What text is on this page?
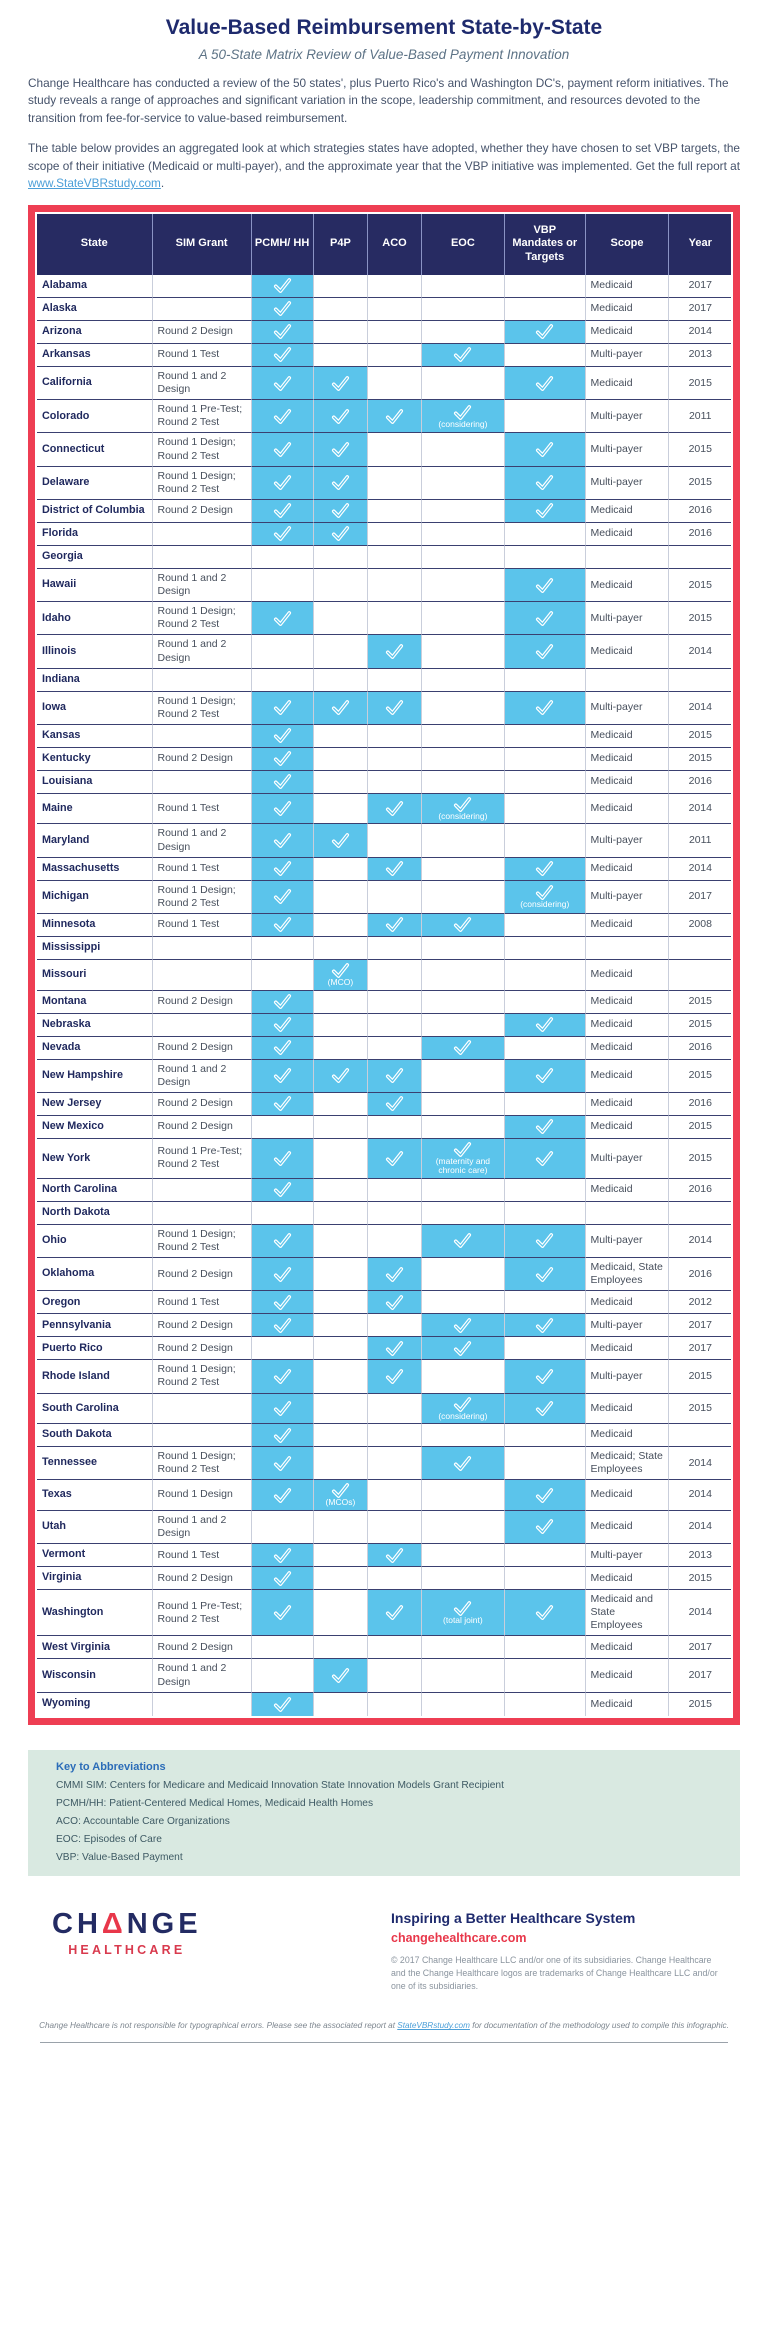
Value-Based Reimbursement State-by-State
A 50-State Matrix Review of Value-Based Payment Innovation

Change Healthcare has conducted a review of the 50 states', plus Puerto Rico's and Washington DC's, payment reform initiatives. The study reveals a range of approaches and significant variation in the scope, leadership commitment, and resources devoted to the transition from fee-for-service to value-based reimbursement.

The table below provides an aggregated look at which strategies states have adopted, whether they have chosen to set VBP targets, the scope of their initiative (Medicaid or multi-payer), and the approximate year that the VBP initiative was implemented. Get the full report at www.StateVBRstudy.com.

State	SIM Grant	PCMH/ HH	P4P	ACO	EOC	VBP Mandates or Targets	Scope	Year
Alabama							Medicaid	2017
Alaska							Medicaid	2017
Arizona	Round 2 Design						Medicaid	2014
Arkansas	Round 1 Test						Multi-payer	2013
California	Round 1 and 2 Design						Medicaid	2015
Colorado	Round 1 Pre-Test; Round 2 Test				(considering)		Multi-payer	2011
Connecticut	Round 1 Design; Round 2 Test						Multi-payer	2015
Delaware	Round 1 Design; Round 2 Test						Multi-payer	2015
District of Columbia	Round 2 Design						Medicaid	2016
Florida							Medicaid	2016
Georgia								
Hawaii	Round 1 and 2 Design						Medicaid	2015
Idaho	Round 1 Design; Round 2 Test						Multi-payer	2015
Illinois	Round 1 and 2 Design						Medicaid	2014
Indiana								
Iowa	Round 1 Design; Round 2 Test						Multi-payer	2014
Kansas							Medicaid	2015
Kentucky	Round 2 Design						Medicaid	2015
Louisiana							Medicaid	2016
Maine	Round 1 Test				(considering)		Medicaid	2014
Maryland	Round 1 and 2 Design						Multi-payer	2011
Massachusetts	Round 1 Test						Medicaid	2014
Michigan	Round 1 Design; Round 2 Test					(considering)	Multi-payer	2017
Minnesota	Round 1 Test						Medicaid	2008
Mississippi								
Missouri			(MCO)				Medicaid	
Montana	Round 2 Design						Medicaid	2015
Nebraska							Medicaid	2015
Nevada	Round 2 Design						Medicaid	2016
New Hampshire	Round 1 and 2 Design						Medicaid	2015
New Jersey	Round 2 Design						Medicaid	2016
New Mexico	Round 2 Design						Medicaid	2015
New York	Round 1 Pre-Test; Round 2 Test				(maternity and chronic care)		Multi-payer	2015
North Carolina							Medicaid	2016
North Dakota								
Ohio	Round 1 Design; Round 2 Test						Multi-payer	2014
Oklahoma	Round 2 Design						Medicaid, State Employees	2016
Oregon	Round 1 Test						Medicaid	2012
Pennsylvania	Round 2 Design						Multi-payer	2017
Puerto Rico	Round 2 Design						Medicaid	2017
Rhode Island	Round 1 Design; Round 2 Test						Multi-payer	2015
South Carolina					(considering)		Medicaid	2015
South Dakota							Medicaid	
Tennessee	Round 1 Design; Round 2 Test						Medicaid; State Employees	2014
Texas	Round 1 Design		(MCOs)				Medicaid	2014
Utah	Round 1 and 2 Design						Medicaid	2014
Vermont	Round 1 Test						Multi-payer	2013
Virginia	Round 2 Design						Medicaid	2015
Washington	Round 1 Pre-Test; Round 2 Test				(total joint)		Medicaid and State Employees	2014
West Virginia	Round 2 Design						Medicaid	2017
Wisconsin	Round 1 and 2 Design						Medicaid	2017
Wyoming							Medicaid	2015
Key to Abbreviations
CMMI SIM: Centers for Medicare and Medicaid Innovation State Innovation Models Grant Recipient
PCMH/HH: Patient-Centered Medical Homes, Medicaid Health Homes
ACO: Accountable Care Organizations
EOC: Episodes of Care
VBP: Value-Based Payment
CHΔNGE
HEALTHCARE
Inspiring a Better Healthcare System
changehealthcare.com
© 2017 Change Healthcare LLC and/or one of its subsidiaries. Change Healthcare and the Change Healthcare logos are trademarks of Change Healthcare LLC and/or one of its subsidiaries.
Change Healthcare is not responsible for typographical errors. Please see the associated report at StateVBRstudy.com for documentation of the methodology used to compile this infographic.
